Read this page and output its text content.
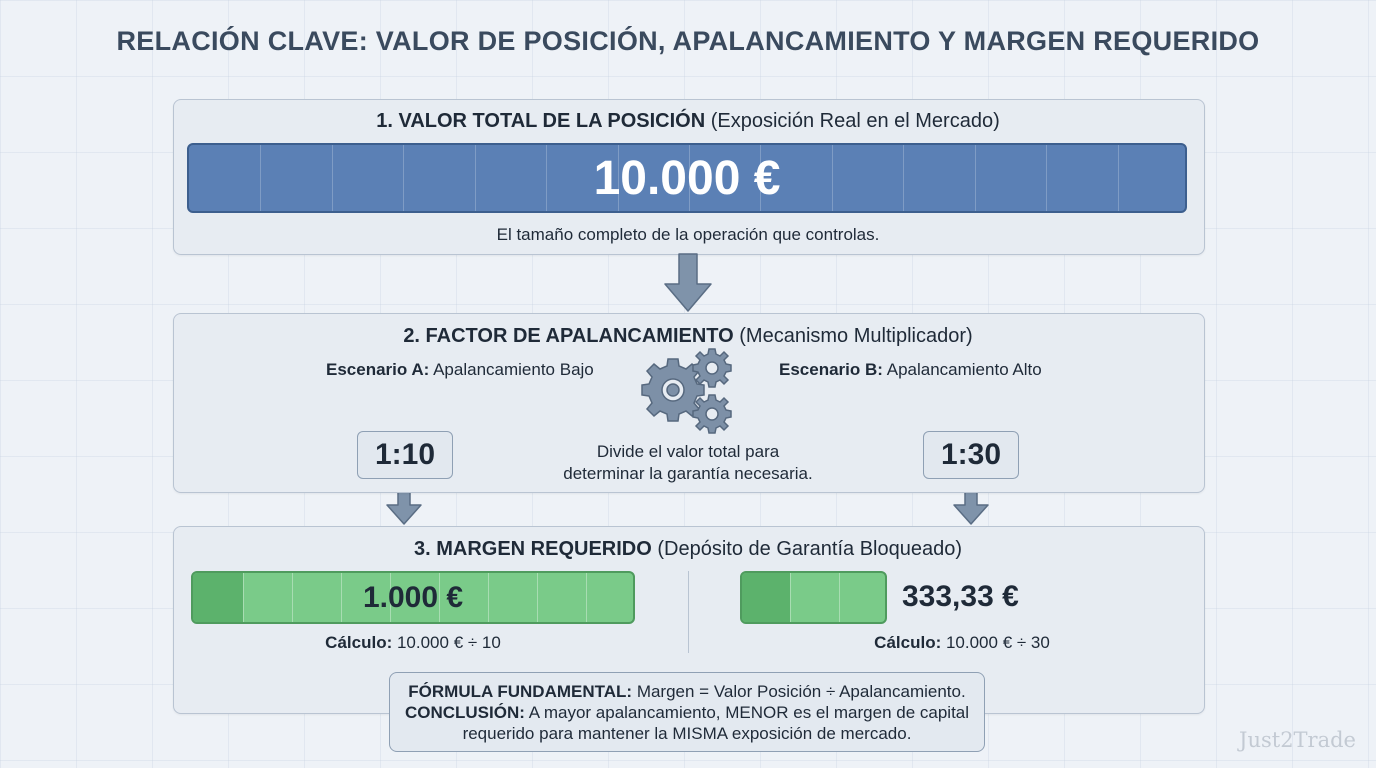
RELACIÓN CLAVE: VALOR DE POSICIÓN, APALANCAMIENTO Y MARGEN REQUERIDO
1. VALOR TOTAL DE LA POSICIÓN (Exposición Real en el Mercado)
10.000 €
El tamaño completo de la operación que controlas.
2. FACTOR DE APALANCAMIENTO (Mecanismo Multiplicador)
Escenario A: Apalancamiento Bajo	Escenario B: Apalancamiento Alto
1:10	1:30
Divide el valor total para
determinar la garantía necesaria.
3. MARGEN REQUERIDO (Depósito de Garantía Bloqueado)
1.000 €
Cálculo: 10.000 € ÷ 10
333,33 €
Cálculo: 10.000 € ÷ 30
FÓRMULA FUNDAMENTAL: Margen = Valor Posición ÷ Apalancamiento.
CONCLUSIÓN: A mayor apalancamiento, MENOR es el margen de capital
requerido para mantener la MISMA exposición de mercado.	Just2Trade
